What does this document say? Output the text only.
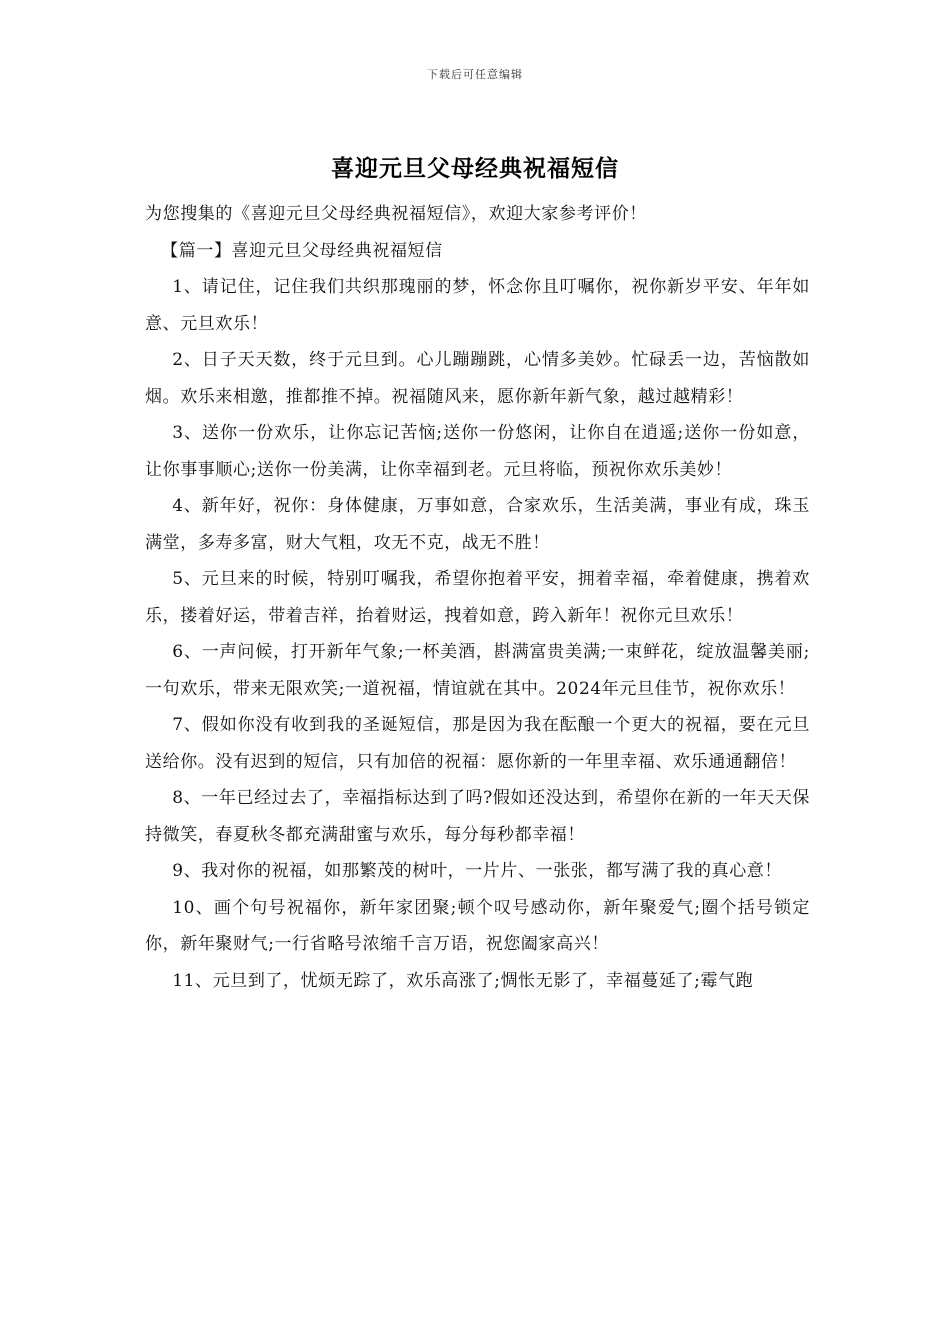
下载后可任意编辑
喜迎元旦父母经典祝福短信

为您搜集的《喜迎元旦父母经典祝福短信》，欢迎大家参考评价！

【篇一】喜迎元旦父母经典祝福短信

1、请记住，记住我们共织那瑰丽的梦，怀念你且叮嘱你，祝你新岁平安、年年如意、元旦欢乐！

2、日子天天数，终于元旦到。心儿蹦蹦跳，心情多美妙。忙碌丢一边，苦恼散如烟。欢乐来相邀，推都推不掉。祝福随风来，愿你新年新气象，越过越精彩！

3、送你一份欢乐，让你忘记苦恼;送你一份悠闲，让你自在逍遥;送你一份如意，让你事事顺心;送你一份美满，让你幸福到老。元旦将临，预祝你欢乐美妙！

4、新年好，祝你：身体健康，万事如意，合家欢乐，生活美满，事业有成，珠玉满堂，多寿多富，财大气粗，攻无不克，战无不胜！

5、元旦来的时候，特别叮嘱我，希望你抱着平安，拥着幸福，牵着健康，携着欢乐，搂着好运，带着吉祥，抬着财运，拽着如意，跨入新年！祝你元旦欢乐！

6、一声问候，打开新年气象;一杯美酒，斟满富贵美满;一束鲜花，绽放温馨美丽;一句欢乐，带来无限欢笑;一道祝福，情谊就在其中。2024年元旦佳节，祝你欢乐！

7、假如你没有收到我的圣诞短信，那是因为我在酝酿一个更大的祝福，要在元旦送给你。没有迟到的短信，只有加倍的祝福：愿你新的一年里幸福、欢乐通通翻倍！

8、一年已经过去了，幸福指标达到了吗?假如还没达到，希望你在新的一年天天保持微笑，春夏秋冬都充满甜蜜与欢乐，每分每秒都幸福！

9、我对你的祝福，如那繁茂的树叶，一片片、一张张，都写满了我的真心意！

10、画个句号祝福你，新年家团聚;顿个叹号感动你，新年聚爱气;圈个括号锁定你，新年聚财气;一行省略号浓缩千言万语，祝您阖家高兴！

11、元旦到了，忧烦无踪了，欢乐高涨了;惆怅无影了，幸福蔓延了;霉气跑
